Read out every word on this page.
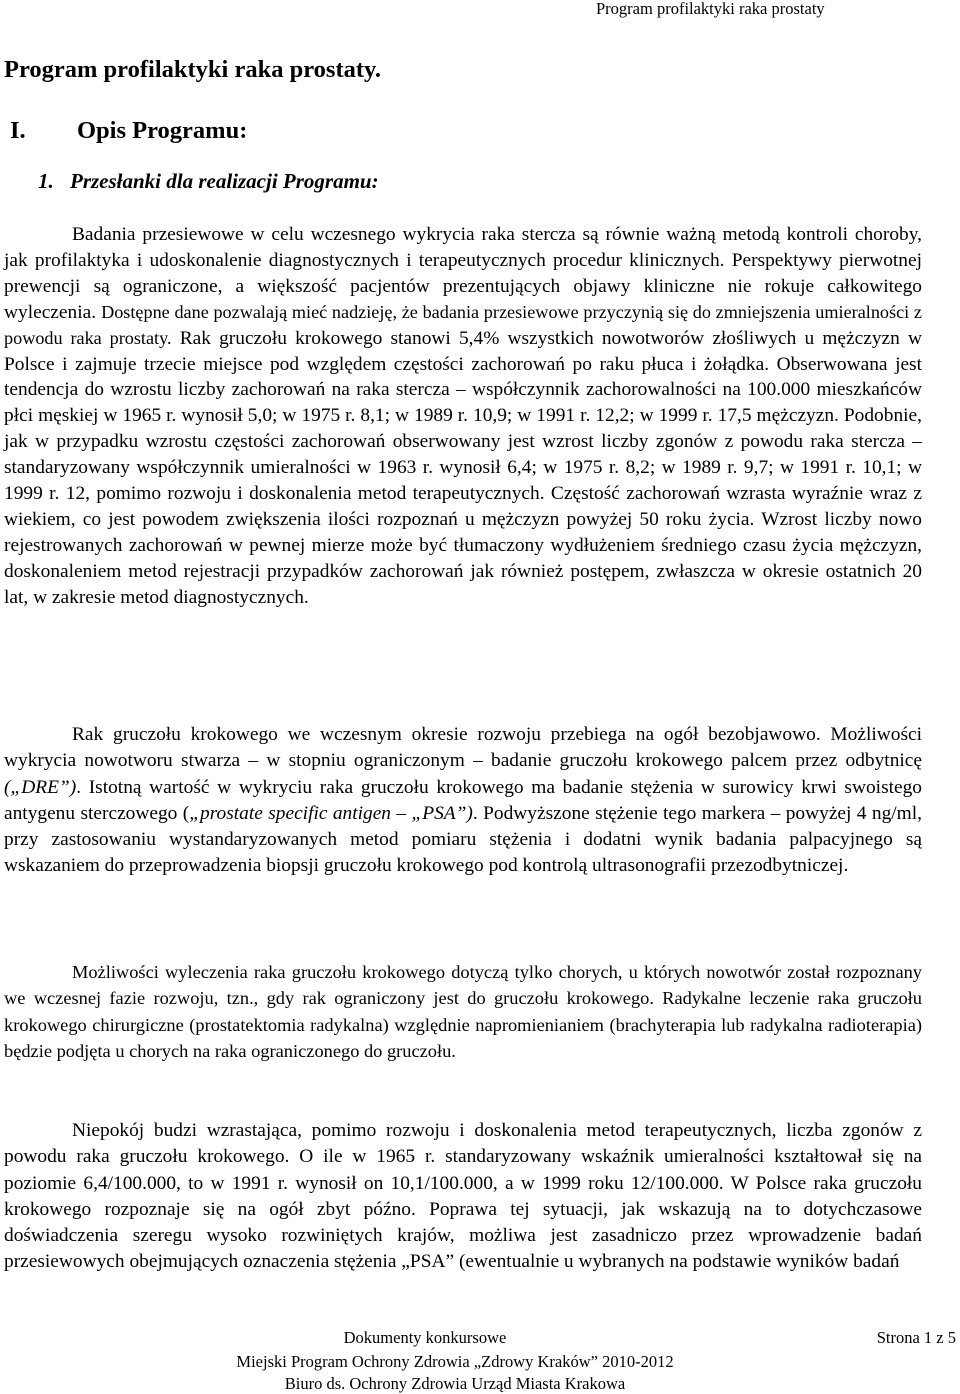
Program profilaktyki raka prostaty
Program profilaktyki raka prostaty.
I. Opis Programu:
1. Przesłanki dla realizacji Programu:

Badania przesiewowe w celu wczesnego wykrycia raka stercza są równie ważną metodą kontroli choroby, jak profilaktyka i udoskonalenie diagnostycznych i terapeutycznych procedur klinicznych. Perspektywy pierwotnej prewencji są ograniczone, a większość pacjentów prezentujących objawy kliniczne nie rokuje całkowitego wyleczenia. Dostępne dane pozwalają mieć nadzieję, że badania przesiewowe przyczynią się do zmniejszenia umieralności z powodu raka prostaty. Rak gruczołu krokowego stanowi 5,4% wszystkich nowotworów złośliwych u mężczyzn w Polsce i zajmuje trzecie miejsce pod względem częstości zachorowań po raku płuca i żołądka. Obserwowana jest tendencja do wzrostu liczby zachorowań na raka stercza – współczynnik zachorowalności na 100.000 mieszkańców płci męskiej w 1965 r. wynosił 5,0; w 1975 r. 8,1; w 1989 r. 10,9; w 1991 r. 12,2; w 1999 r. 17,5 mężczyzn. Podobnie, jak w przypadku wzrostu częstości zachorowań obserwowany jest wzrost liczby zgonów z powodu raka stercza – standaryzowany współczynnik umieralności w 1963 r. wynosił 6,4; w 1975 r. 8,2; w 1989 r. 9,7; w 1991 r. 10,1; w 1999 r. 12, pomimo rozwoju i doskonalenia metod terapeutycznych. Częstość zachorowań wzrasta wyraźnie wraz z wiekiem, co jest powodem zwiększenia ilości rozpoznań u mężczyzn powyżej 50 roku życia. Wzrost liczby nowo rejestrowanych zachorowań w pewnej mierze może być tłumaczony wydłużeniem średniego czasu życia mężczyzn, doskonaleniem metod rejestracji przypadków zachorowań jak również postępem, zwłaszcza w okresie ostatnich 20 lat, w zakresie metod diagnostycznych.

Rak gruczołu krokowego we wczesnym okresie rozwoju przebiega na ogół bezobjawowo. Możliwości wykrycia nowotworu stwarza – w stopniu ograniczonym – badanie gruczołu krokowego palcem przez odbytnicę („DRE”). Istotną wartość w wykryciu raka gruczołu krokowego ma badanie stężenia w surowicy krwi swoistego antygenu sterczowego („prostate specific antigen – „PSA”). Podwyższone stężenie tego markera – powyżej 4 ng/ml, przy zastosowaniu wystandaryzowanych metod pomiaru stężenia i dodatni wynik badania palpacyjnego są wskazaniem do przeprowadzenia biopsji gruczołu krokowego pod kontrolą ultrasonografii przezodbytniczej.

Możliwości wyleczenia raka gruczołu krokowego dotyczą tylko chorych, u których nowotwór został rozpoznany we wczesnej fazie rozwoju, tzn., gdy rak ograniczony jest do gruczołu krokowego. Radykalne leczenie raka gruczołu krokowego chirurgiczne (prostatektomia radykalna) względnie napromienianiem (brachyterapia lub radykalna radioterapia) będzie podjęta u chorych na raka ograniczonego do gruczołu.

Niepokój budzi wzrastająca, pomimo rozwoju i doskonalenia metod terapeutycznych, liczba zgonów z powodu raka gruczołu krokowego. O ile w 1965 r. standaryzowany wskaźnik umieralności kształtował się na poziomie 6,4/100.000, to w 1991 r. wynosił on 10,1/100.000, a w 1999 roku 12/100.000. W Polsce raka gruczołu krokowego rozpoznaje się na ogół zbyt późno. Poprawa tej sytuacji, jak wskazują na to dotychczasowe doświadczenia szeregu wysoko rozwiniętych krajów, możliwa jest zasadniczo przez wprowadzenie badań przesiewowych obejmujących oznaczenia stężenia „PSA” (ewentualnie u wybranych na podstawie wyników badań

Dokumenty konkursowe	Strona 1 z 5
Miejski Program Ochrony Zdrowia „Zdrowy Kraków” 2010-2012
Biuro ds. Ochrony Zdrowia Urząd Miasta Krakowa
